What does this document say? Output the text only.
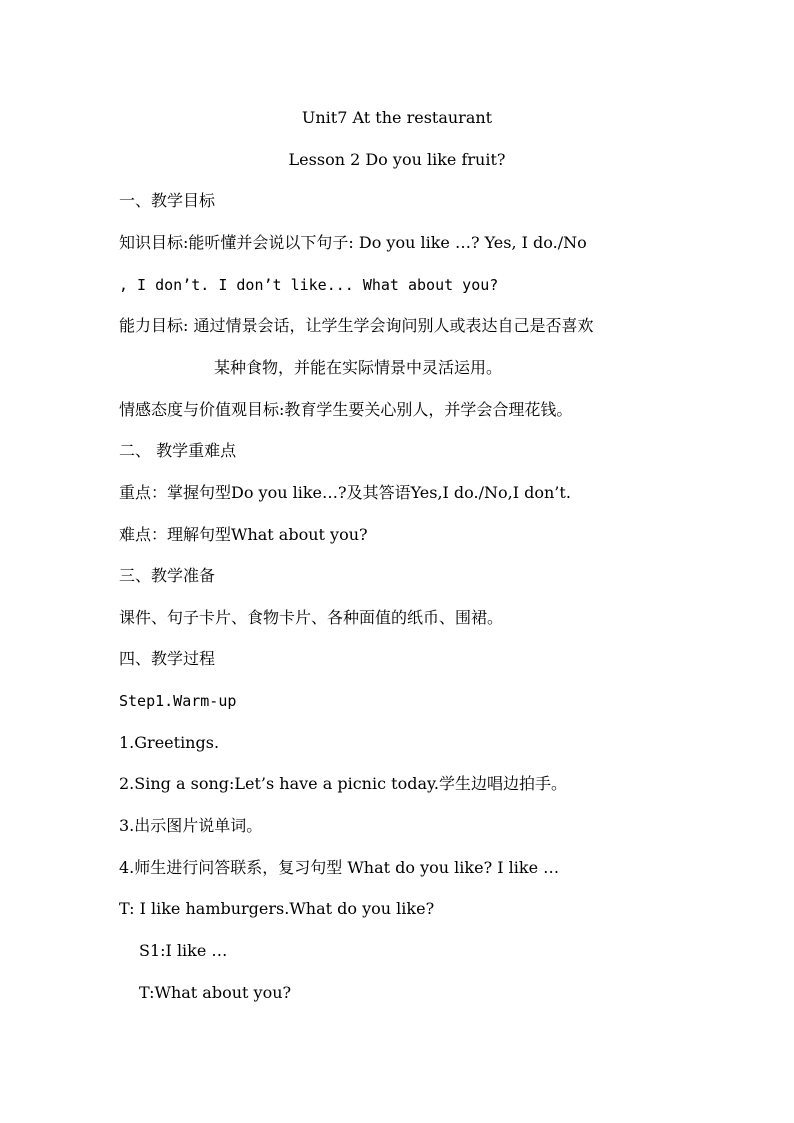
Unit7 At the restaurant
Lesson 2 Do you like fruit?
一、教学目标
知识目标:能听懂并会说以下句子: Do you like …? Yes, I do./No
, I don’t. I don’t like... What about you?
能力目标: 通过情景会话，让学生学会询问别人或表达自己是否喜欢
某种食物，并能在实际情景中灵活运用。
情感态度与价值观目标:教育学生要关心别人，并学会合理花钱。
二、 教学重难点
重点：掌握句型Do you like…?及其答语Yes,I do./No,I don’t.
难点：理解句型What about you?
三、教学准备
课件、句子卡片、食物卡片、各种面值的纸币、围裙。
四、教学过程
Step1.Warm-up
1.Greetings.
2.Sing a song:Let’s have a picnic today.学生边唱边拍手。
3.出示图片说单词。
4.师生进行问答联系，复习句型 What do you like? I like …
T: I like hamburgers.What do you like?
S1:I like …
T:What about you?
